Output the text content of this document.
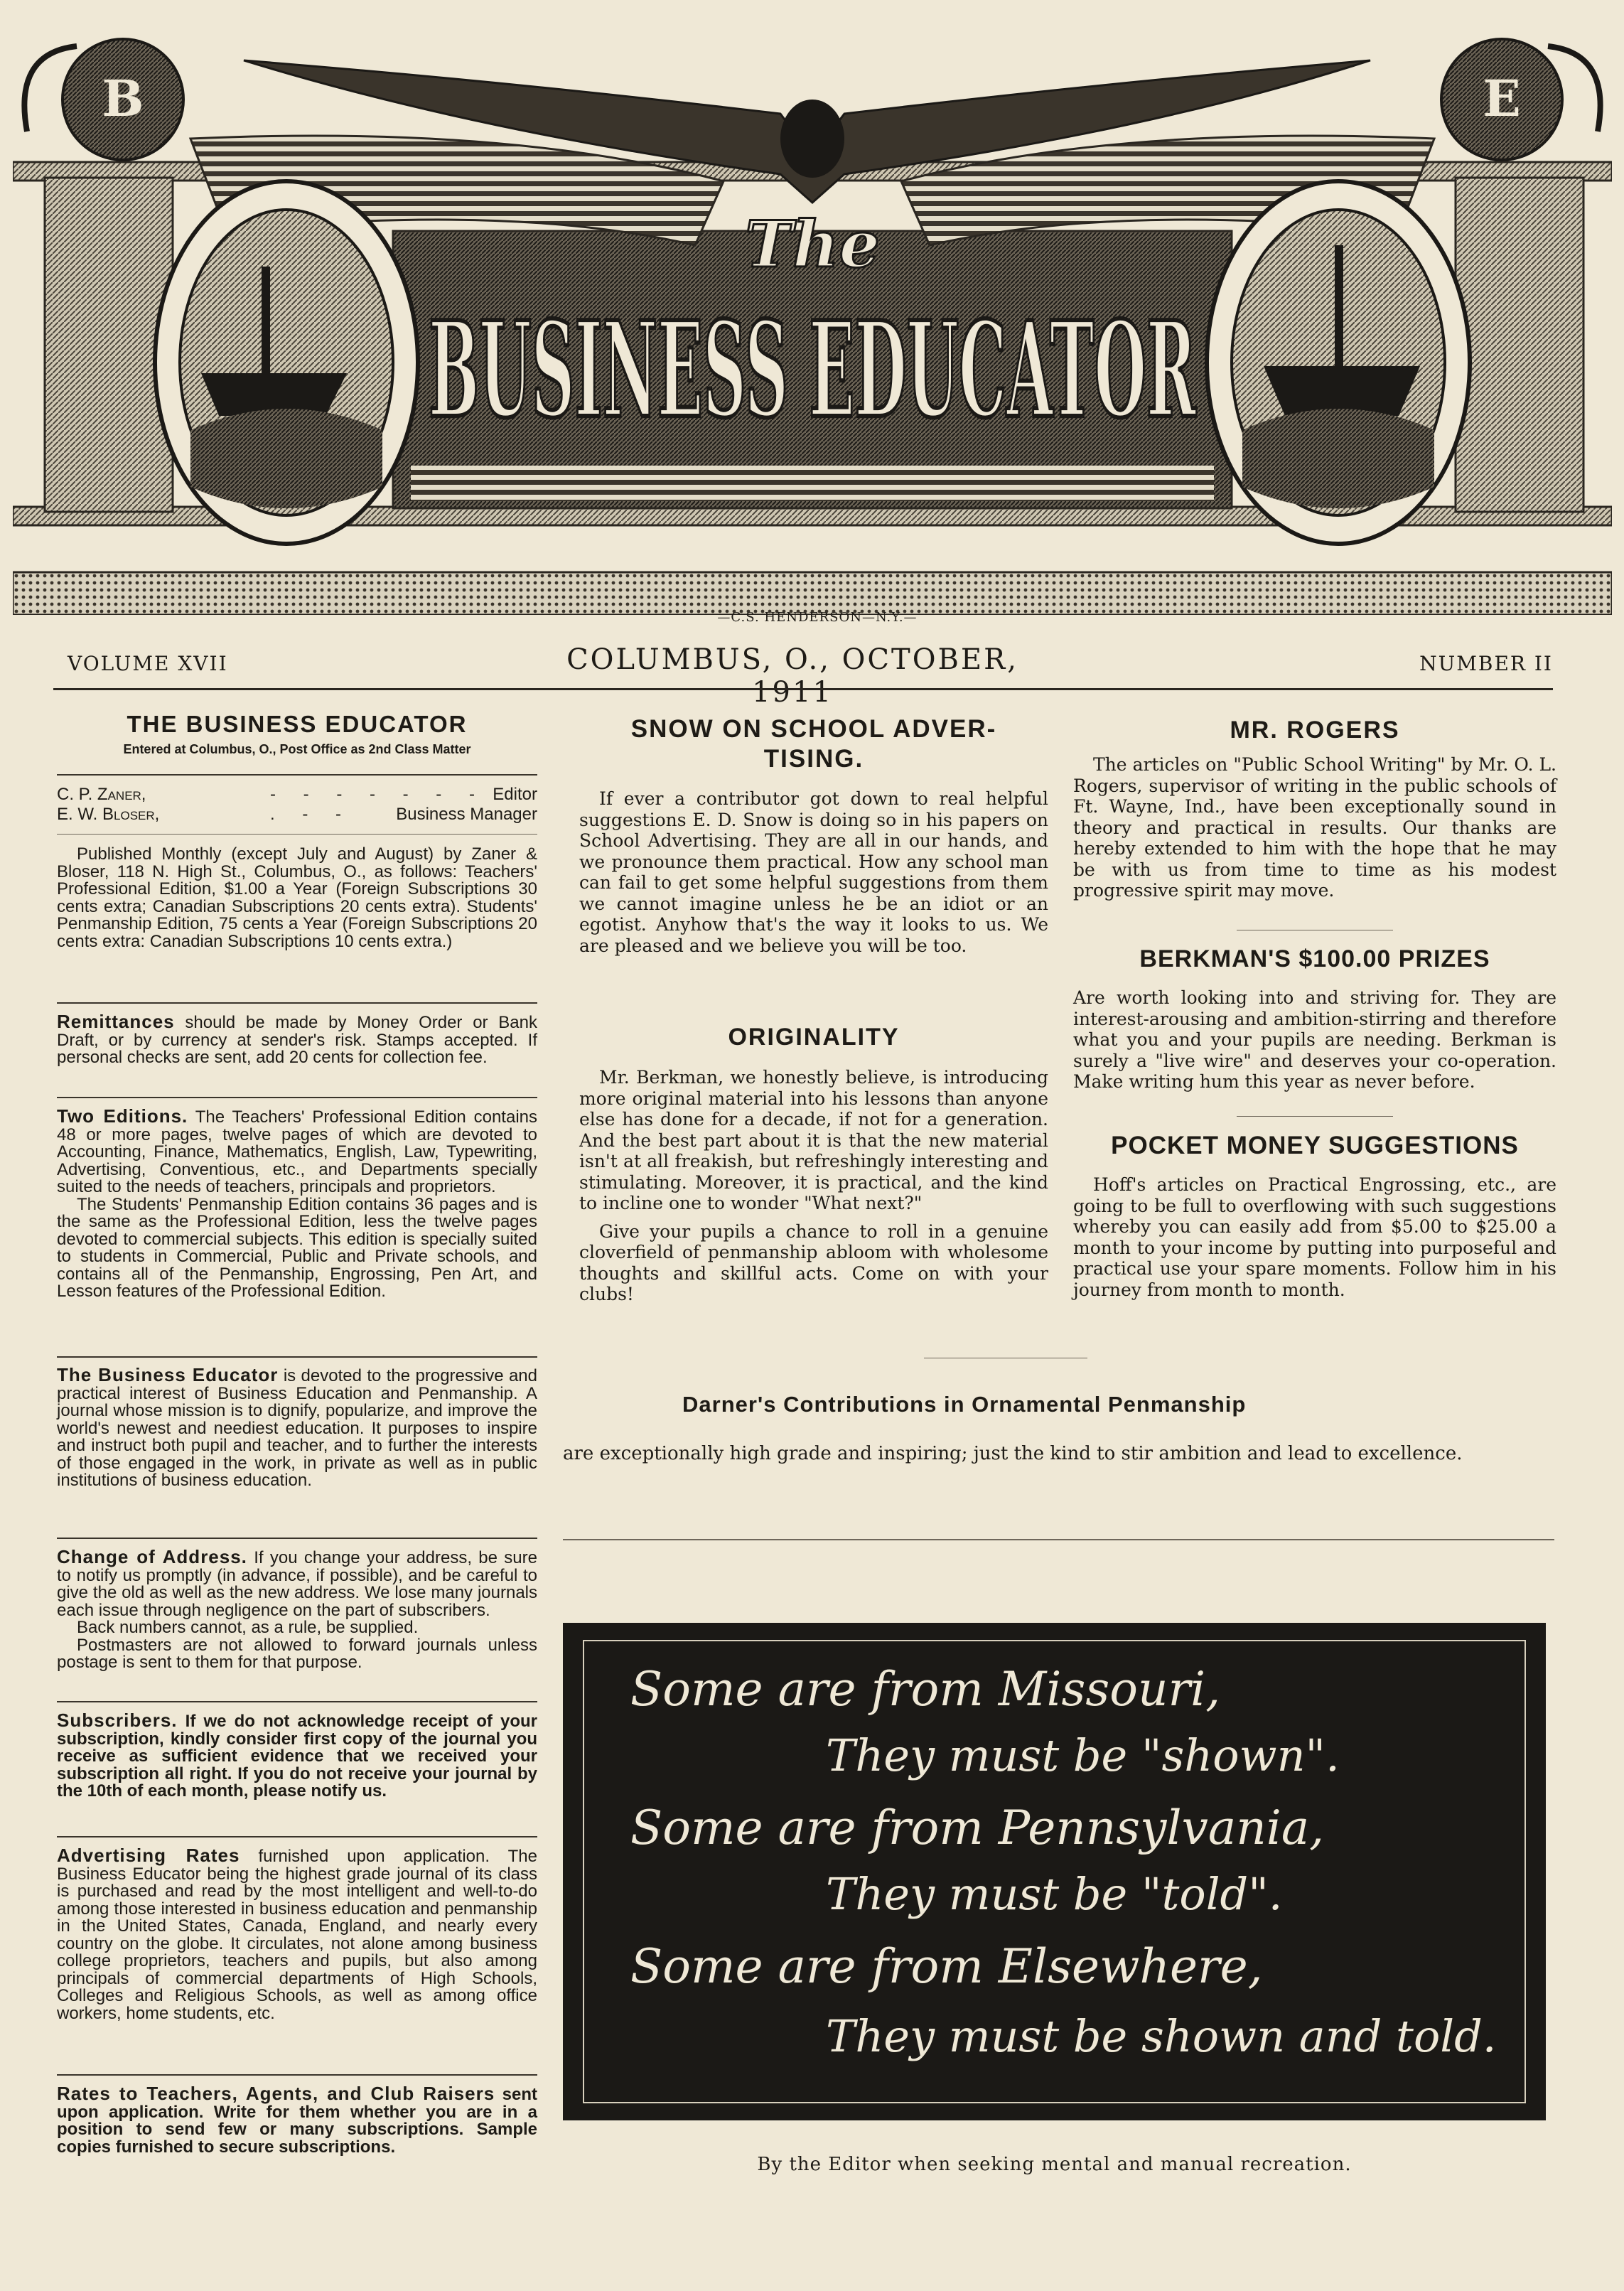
B	E
The
BUSINESS EDUCATOR
—C.S. HENDERSON—N.Y.—
VOLUME XVII	COLUMBUS, O., OCTOBER, 1911
NUMBER II
THE BUSINESS EDUCATOR
Entered at Columbus, O., Post Office as 2nd Class Matter
C. P. Zaner,	- - - - - - - Editor
E. W. Bloser,	. - -	Business Manager

Published Monthly (except July and August) by Zaner & Bloser, 118 N. High St., Columbus, O., as follows: Teachers' Professional Edition, $1.00 a Year (Foreign Subscriptions 30 cents extra; Canadian Subscriptions 20 cents extra). Students' Penmanship Edition, 75 cents a Year (Foreign Subscriptions 20 cents extra: Canadian Subscriptions 10 cents extra.)

Remittances should be made by Money Order or Bank Draft, or by currency at sender's risk. Stamps accepted. If personal checks are sent, add 20 cents for collection fee.

Two Editions. The Teachers' Professional Edition contains 48 or more pages, twelve pages of which are devoted to Accounting, Finance, Mathematics, English, Law, Typewriting, Advertising, Conventious, etc., and Departments specially suited to the needs of teachers, principals and proprietors.

The Students' Penmanship Edition contains 36 pages and is the same as the Professional Edition, less the twelve pages devoted to commercial subjects. This edition is specially suited to students in Commercial, Public and Private schools, and contains all of the Penmanship, Engrossing, Pen Art, and Lesson features of the Professional Edition.

The Business Educator is devoted to the progressive and practical interest of Business Education and Penmanship. A journal whose mission is to dignify, popularize, and improve the world's newest and neediest education. It purposes to inspire and instruct both pupil and teacher, and to further the interests of those engaged in the work, in private as well as in public institutions of business education.

Change of Address. If you change your address, be sure to notify us promptly (in advance, if possible), and be careful to give the old as well as the new address. We lose many journals each issue through negligence on the part of subscribers.

Back numbers cannot, as a rule, be supplied.

Postmasters are not allowed to forward journals unless postage is sent to them for that purpose.

Subscribers. If we do not acknowledge receipt of your subscription, kindly consider first copy of the journal you receive as sufficient evidence that we received your subscription all right. If you do not receive your journal by the 10th of each month, please notify us.

Advertising Rates furnished upon application. The Business Educator being the highest grade journal of its class is purchased and read by the most intelligent and well-to-do among those interested in business education and penmanship in the United States, Canada, England, and nearly every country on the globe. It circulates, not alone among business college proprietors, teachers and pupils, but also among principals of commercial departments of High Schools, Colleges and Religious Schools, as well as among office workers, home students, etc.

Rates to Teachers, Agents, and Club Raisers sent upon application. Write for them whether you are in a position to send few or many subscriptions. Sample copies furnished to secure subscriptions.

SNOW ON SCHOOL ADVER-
TISING.

If ever a contributor got down to real helpful suggestions E. D. Snow is doing so in his papers on School Advertising. They are all in our hands, and we pronounce them practical. How any school man can fail to get some helpful suggestions from them we cannot imagine unless he be an idiot or an egotist. Anyhow that's the way it looks to us. We are pleased and we believe you will be too.

ORIGINALITY

Mr. Berkman, we honestly believe, is introducing more original material into his lessons than anyone else has done for a decade, if not for a generation. And the best part about it is that the new material isn't at all freakish, but refreshingly interesting and stimulating. Moreover, it is practical, and the kind to incline one to wonder "What next?"

Give your pupils a chance to roll in a genuine cloverfield of penmanship abloom with wholesome thoughts and skillful acts. Come on with your clubs!

MR. ROGERS

The articles on "Public School Writing" by Mr. O. L. Rogers, supervisor of writing in the public schools of Ft. Wayne, Ind., have been exceptionally sound in theory and practical in results. Our thanks are hereby extended to him with the hope that he may be with us from time to time as his modest progressive spirit may move.

BERKMAN'S $100.00 PRIZES

Are worth looking into and striving for. They are interest-arousing and ambition-stirring and therefore what you and your pupils are needing. Berkman is surely a "live wire" and deserves your co-operation. Make writing hum this year as never before.

POCKET MONEY SUGGESTIONS

Hoff's articles on Practical Engrossing, etc., are going to be full to overflowing with such suggestions whereby you can easily add from $5.00 to $25.00 a month to your income by putting into purposeful and practical use your spare moments. Follow him in his journey from month to month.

Darner's Contributions in Ornamental Penmanship
are exceptionally high grade and inspiring; just the kind to stir ambition and lead to excellence.
Some are from Missouri,
They must be "shown".
Some are from Pennsylvania,
They must be "told".
Some are from Elsewhere,
They must be shown and told.
By the Editor when seeking mental and manual recreation.
